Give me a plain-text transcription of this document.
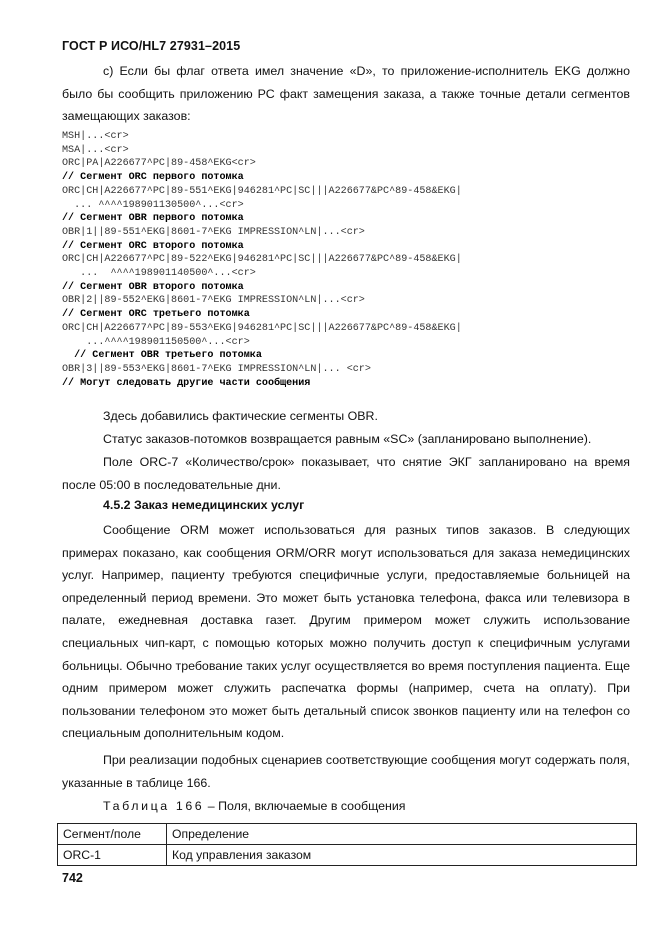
ГОСТ Р ИСО/HL7 27931–2015

с) Если бы флаг ответа имел значение «D», то приложение-исполнитель EKG должно было бы сообщить приложению РС факт замещения заказа, а также точные детали сегментов замещающих заказов:

MSH|...<cr>
MSA|...<cr>
ORC|PA|A226677^PC|89-458^EKG<cr>
// Сегмент ORC первого потомка
ORC|CH|A226677^PC|89-551^EKG|946281^PC|SC|||A226677&PC^89-458&EKG|
... ^^^^198901130500^...<cr>
// Сегмент OBR первого потомка
OBR|1||89-551^EKG|8601-7^EKG IMPRESSION^LN|...<cr>
// Сегмент ORC второго потомка
ORC|CH|A226677^PC|89-522^EKG|946281^PC|SC|||A226677&PC^89-458&EKG|
...  ^^^^198901140500^...<cr>
// Сегмент OBR второго потомка
OBR|2||89-552^EKG|8601-7^EKG IMPRESSION^LN|...<cr>
// Сегмент ORC третьего потомка
ORC|CH|A226677^PC|89-553^EKG|946281^PC|SC|||A226677&PC^89-458&EKG|
...^^^^198901150500^...<cr>
// Сегмент OBR третьего потомка
OBR|3||89-553^EKG|8601-7^EKG IMPRESSION^LN|... <cr>
// Могут следовать другие части сообщения

Здесь добавились фактические сегменты OBR.

Статус заказов-потомков возвращается равным «SC» (запланировано выполнение).

Поле ORC-7 «Количество/срок» показывает, что снятие ЭКГ запланировано на время после 05:00 в последовательные дни.

4.5.2 Заказ немедицинских услуг

Сообщение ORM может использоваться для разных типов заказов. В следующих примерах показано, как сообщения ORM/ORR могут использоваться для заказа немедицинских услуг. Например, пациенту требуются специфичные услуги, предоставляемые больницей на определенный период времени. Это может быть установка телефона, факса или телевизора в палате, ежедневная доставка газет. Другим примером может служить использование специальных чип-карт, с помощью которых можно получить доступ к специфичным услугами больницы. Обычно требование таких услуг осуществляется во время поступления пациента. Еще одним примером может служить распечатка формы (например, счета на оплату). При пользовании телефоном это может быть детальный список звонков пациенту или на телефон со специальным дополнительным кодом.

При реализации подобных сценариев соответствующие сообщения могут содержать поля, указанные в таблице 166.

Таблица 166 – Поля, включаемые в сообщения
Сегмент/поле	Определение
ORC-1	Код управления заказом
742
